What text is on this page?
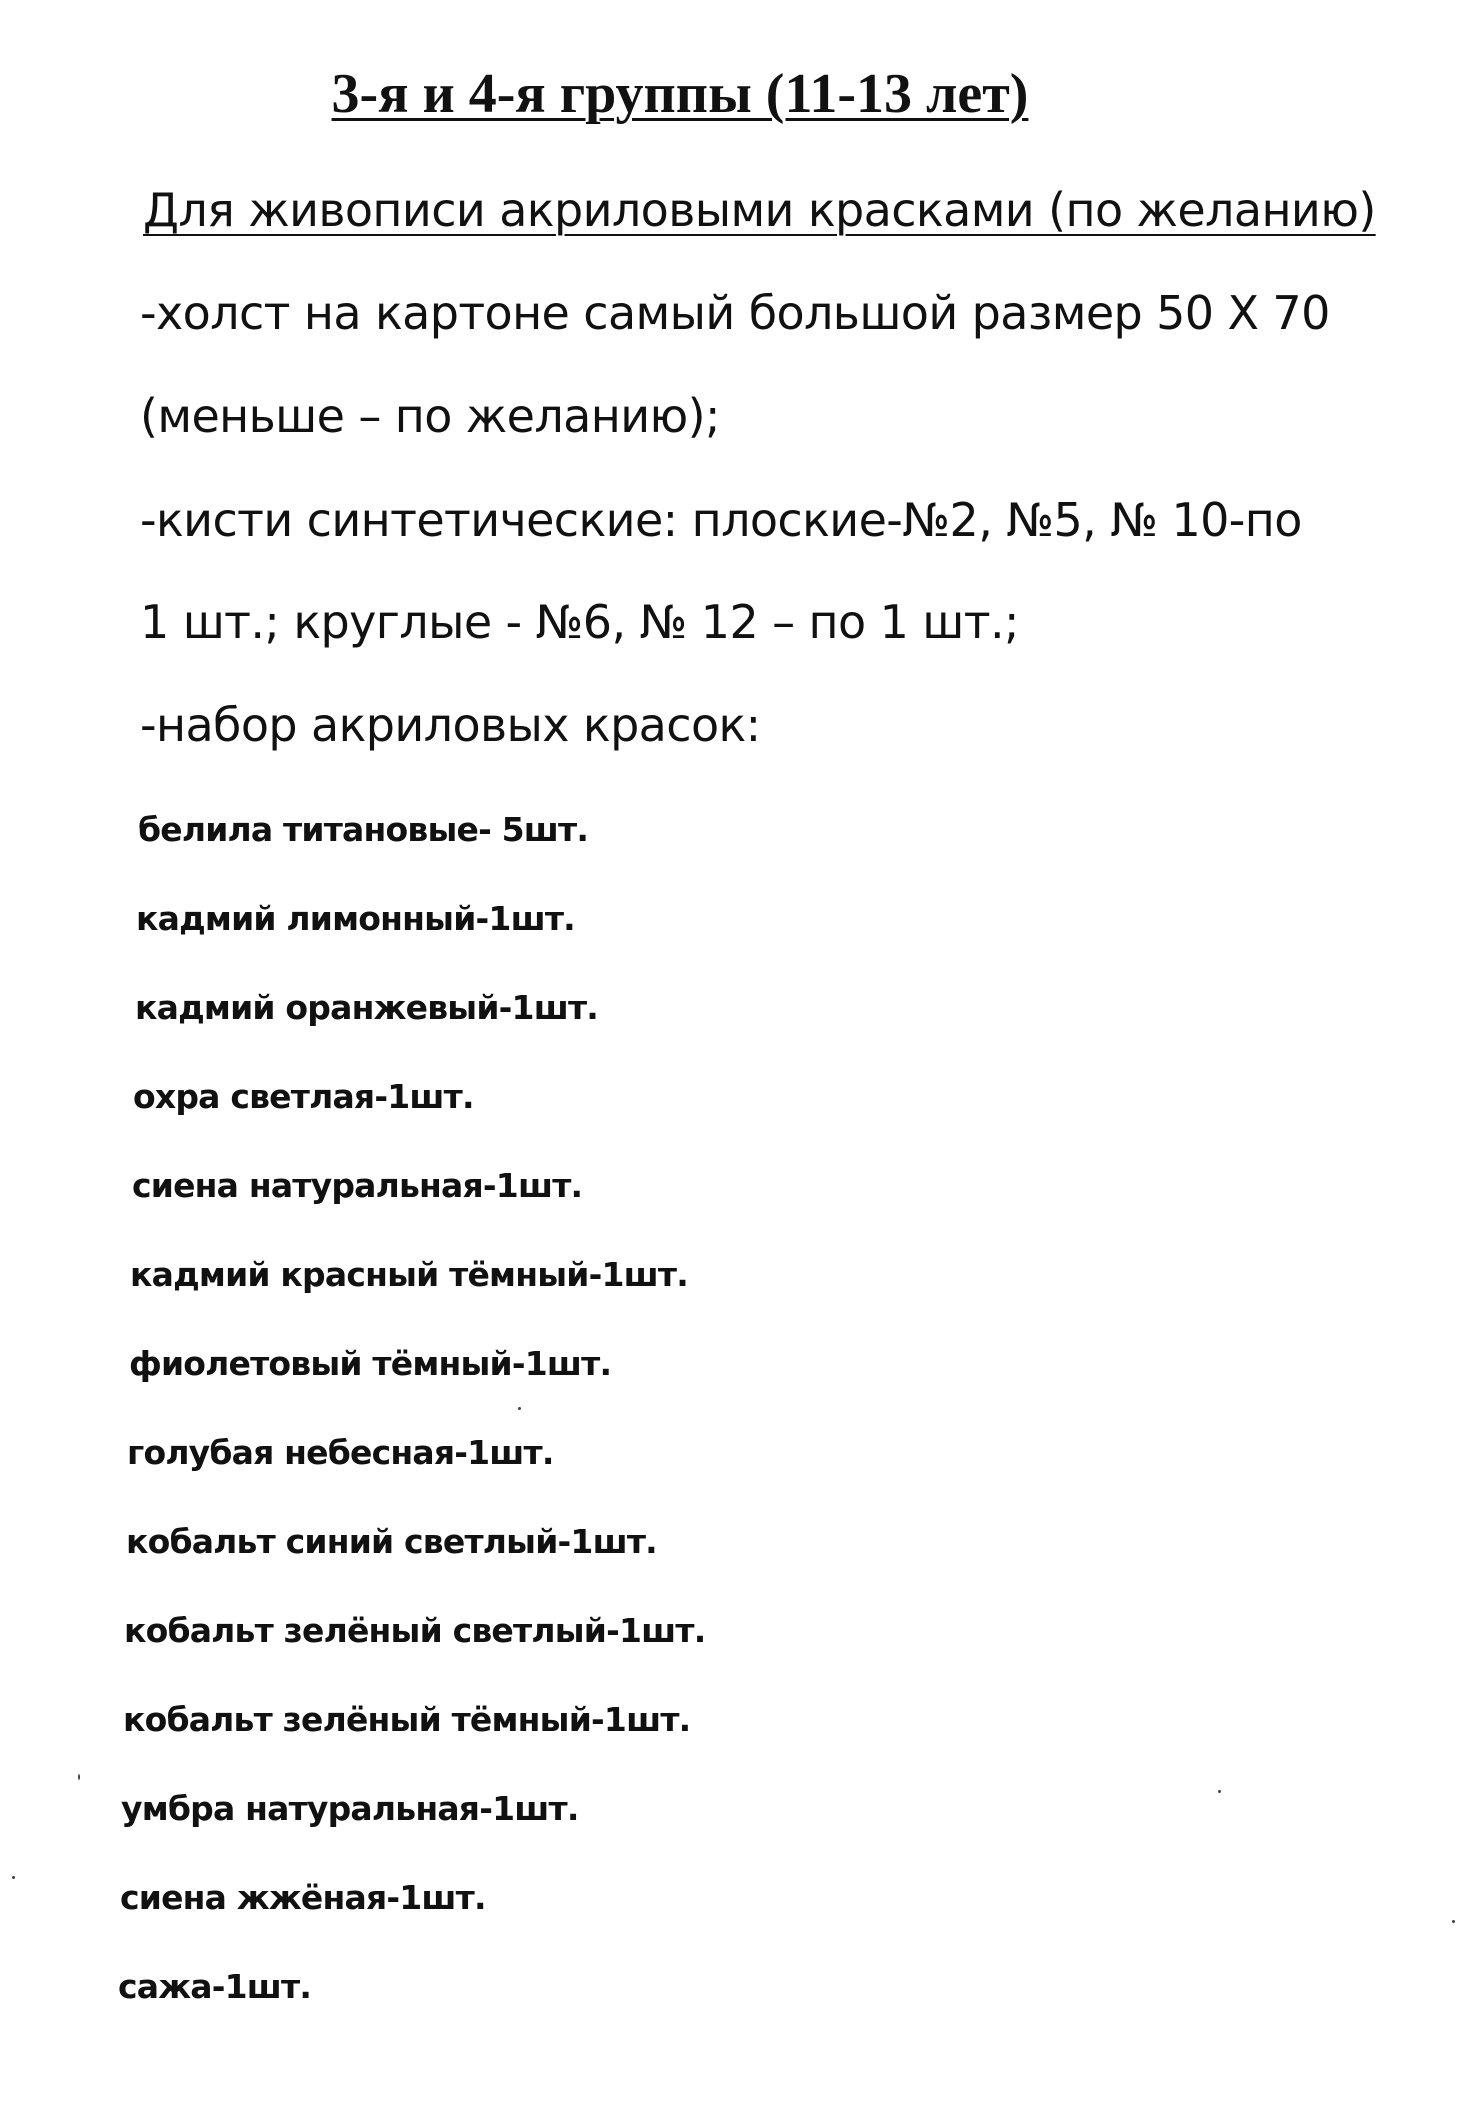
3-я и 4-я группы (11-13 лет)
Для живописи акриловыми красками (по желанию)
-холст на картоне самый большой размер 50 Х 70
(меньше – по желанию);
-кисти синтетические: плоские-№2, №5, № 10-по
1 шт.; круглые - №6, № 12 – по 1 шт.;
-набор акриловых красок:
белила титановые- 5шт.
кадмий лимонный-1шт.
кадмий оранжевый-1шт.
охра светлая-1шт.
сиена натуральная-1шт.
кадмий красный тёмный-1шт.
фиолетовый тёмный-1шт.
голубая небесная-1шт.
кобальт синий светлый-1шт.
кобальт зелёный светлый-1шт.
кобальт зелёный тёмный-1шт.
умбра натуральная-1шт.
сиена жжёная-1шт.
сажа-1шт.
